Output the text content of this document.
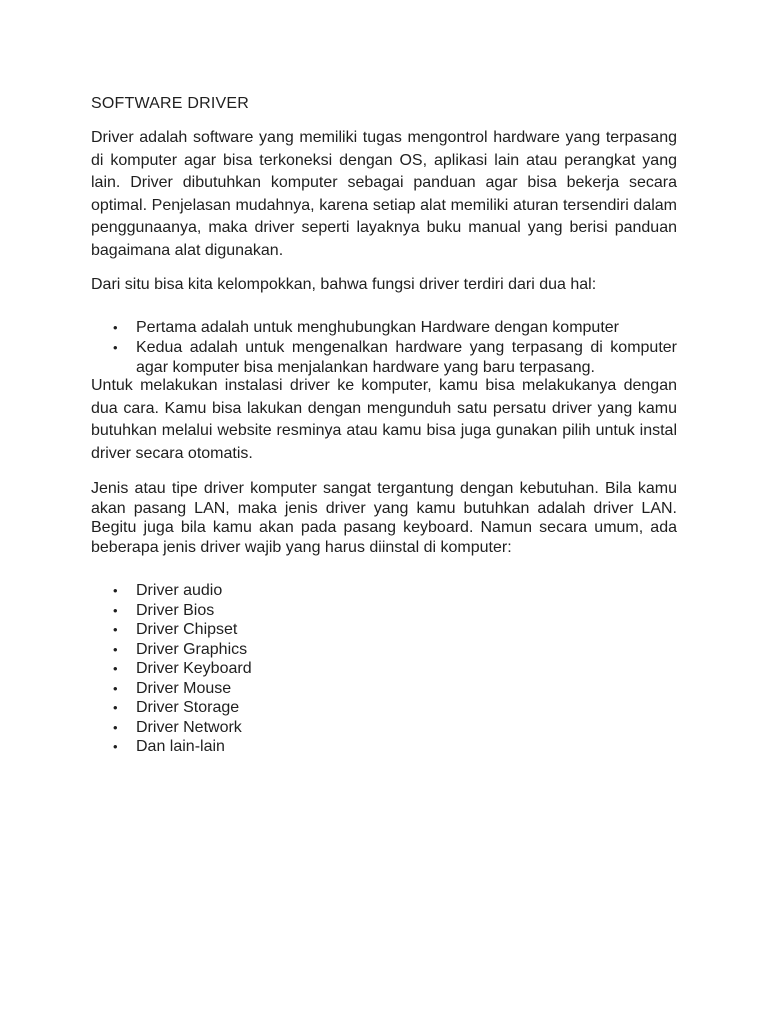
SOFTWARE DRIVER

Driver adalah software yang memiliki tugas mengontrol hardware yang terpasang di komputer agar bisa terkoneksi dengan OS, aplikasi lain atau perangkat yang lain. Driver dibutuhkan komputer sebagai panduan agar bisa bekerja secara optimal. Penjelasan mudahnya, karena setiap alat memiliki aturan tersendiri dalam penggunaanya, maka driver seperti layaknya buku manual yang berisi panduan bagaimana alat digunakan.

Dari situ bisa kita kelompokkan, bahwa fungsi driver terdiri dari dua hal:

• Pertama adalah untuk menghubungkan Hardware dengan komputer
• Kedua adalah untuk mengenalkan hardware yang terpasang di komputer agar komputer bisa menjalankan hardware yang baru terpasang.

Untuk melakukan instalasi driver ke komputer, kamu bisa melakukanya dengan dua cara. Kamu bisa lakukan dengan mengunduh satu persatu driver yang kamu butuhkan melalui website resminya atau kamu bisa juga gunakan pilih untuk instal driver secara otomatis.

Jenis atau tipe driver komputer sangat tergantung dengan kebutuhan. Bila kamu akan pasang LAN, maka jenis driver yang kamu butuhkan adalah driver LAN. Begitu juga bila kamu akan pada pasang keyboard. Namun secara umum, ada beberapa jenis driver wajib yang harus diinstal di komputer:

• Driver audio
• Driver Bios
• Driver Chipset
• Driver Graphics
• Driver Keyboard
• Driver Mouse
• Driver Storage
• Driver Network
• Dan lain-lain
